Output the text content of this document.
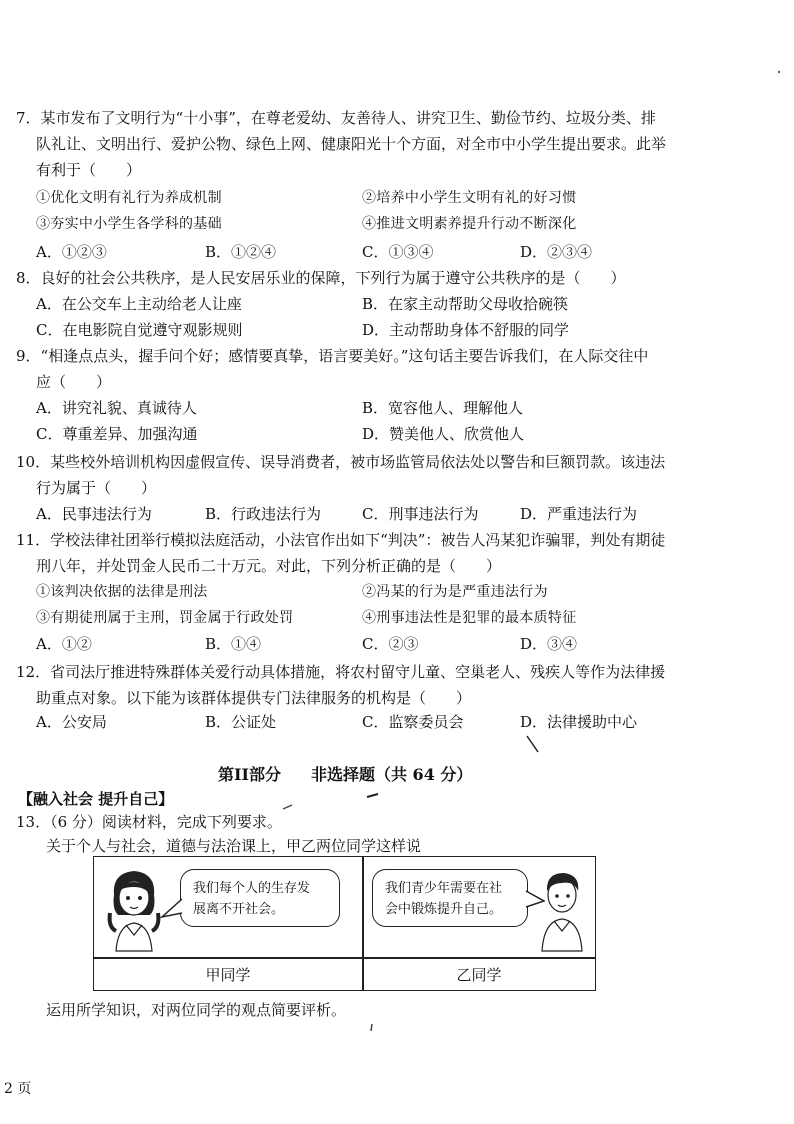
7．某市发布了文明行为“十小事”，在尊老爱幼、友善待人、讲究卫生、勤俭节约、垃圾分类、排
队礼让、文明出行、爱护公物、绿色上网、健康阳光十个方面，对全市中小学生提出要求。此举
有利于（　　）
①优化文明有礼行为养成机制	②培养中小学生文明有礼的好习惯
③夯实中小学生各学科的基础	④推进文明素养提升行动不断深化
A．①②③	B．①②④	C．①③④	D．②③④
8．良好的社会公共秩序，是人民安居乐业的保障，下列行为属于遵守公共秩序的是（　　）
A．在公交车上主动给老人让座	B．在家主动帮助父母收拾碗筷
C．在电影院自觉遵守观影规则	D．主动帮助身体不舒服的同学
9．“相逢点点头，握手问个好；感情要真挚，语言要美好。”这句话主要告诉我们，在人际交往中
应（　　）
A．讲究礼貌、真诚待人	B．宽容他人、理解他人
C．尊重差异、加强沟通	D．赞美他人、欣赏他人
10．某些校外培训机构因虚假宣传、误导消费者，被市场监管局依法处以警告和巨额罚款。该违法
行为属于（　　）
A．民事违法行为	B．行政违法行为	C．刑事违法行为	D．严重违法行为
11．学校法律社团举行模拟法庭活动，小法官作出如下“判决”：被告人冯某犯诈骗罪，判处有期徒
刑八年，并处罚金人民币二十万元。对此，下列分析正确的是（　　）
①该判决依据的法律是刑法	②冯某的行为是严重违法行为
③有期徒刑属于主刑，罚金属于行政处罚	④刑事违法性是犯罪的最本质特征
A．①②	B．①④	C．②③	D．③④
12．省司法厅推进特殊群体关爱行动具体措施，将农村留守儿童、空巢老人、残疾人等作为法律援
助重点对象。以下能为该群体提供专门法律服务的机构是（　　）
A．公安局	B．公证处	C．监察委员会	D．法律援助中心
第II部分 非选择题（共 64 分）
【融入社会 提升自己】
13．（6 分）阅读材料，完成下列要求。
关于个人与社会，道德与法治课上，甲乙两位同学这样说
我们每个人的生存发
展离不开社会。
我们青少年需要在社
会中锻炼提升自己。
甲同学	乙同学
运用所学知识，对两位同学的观点简要评析。
2 页
